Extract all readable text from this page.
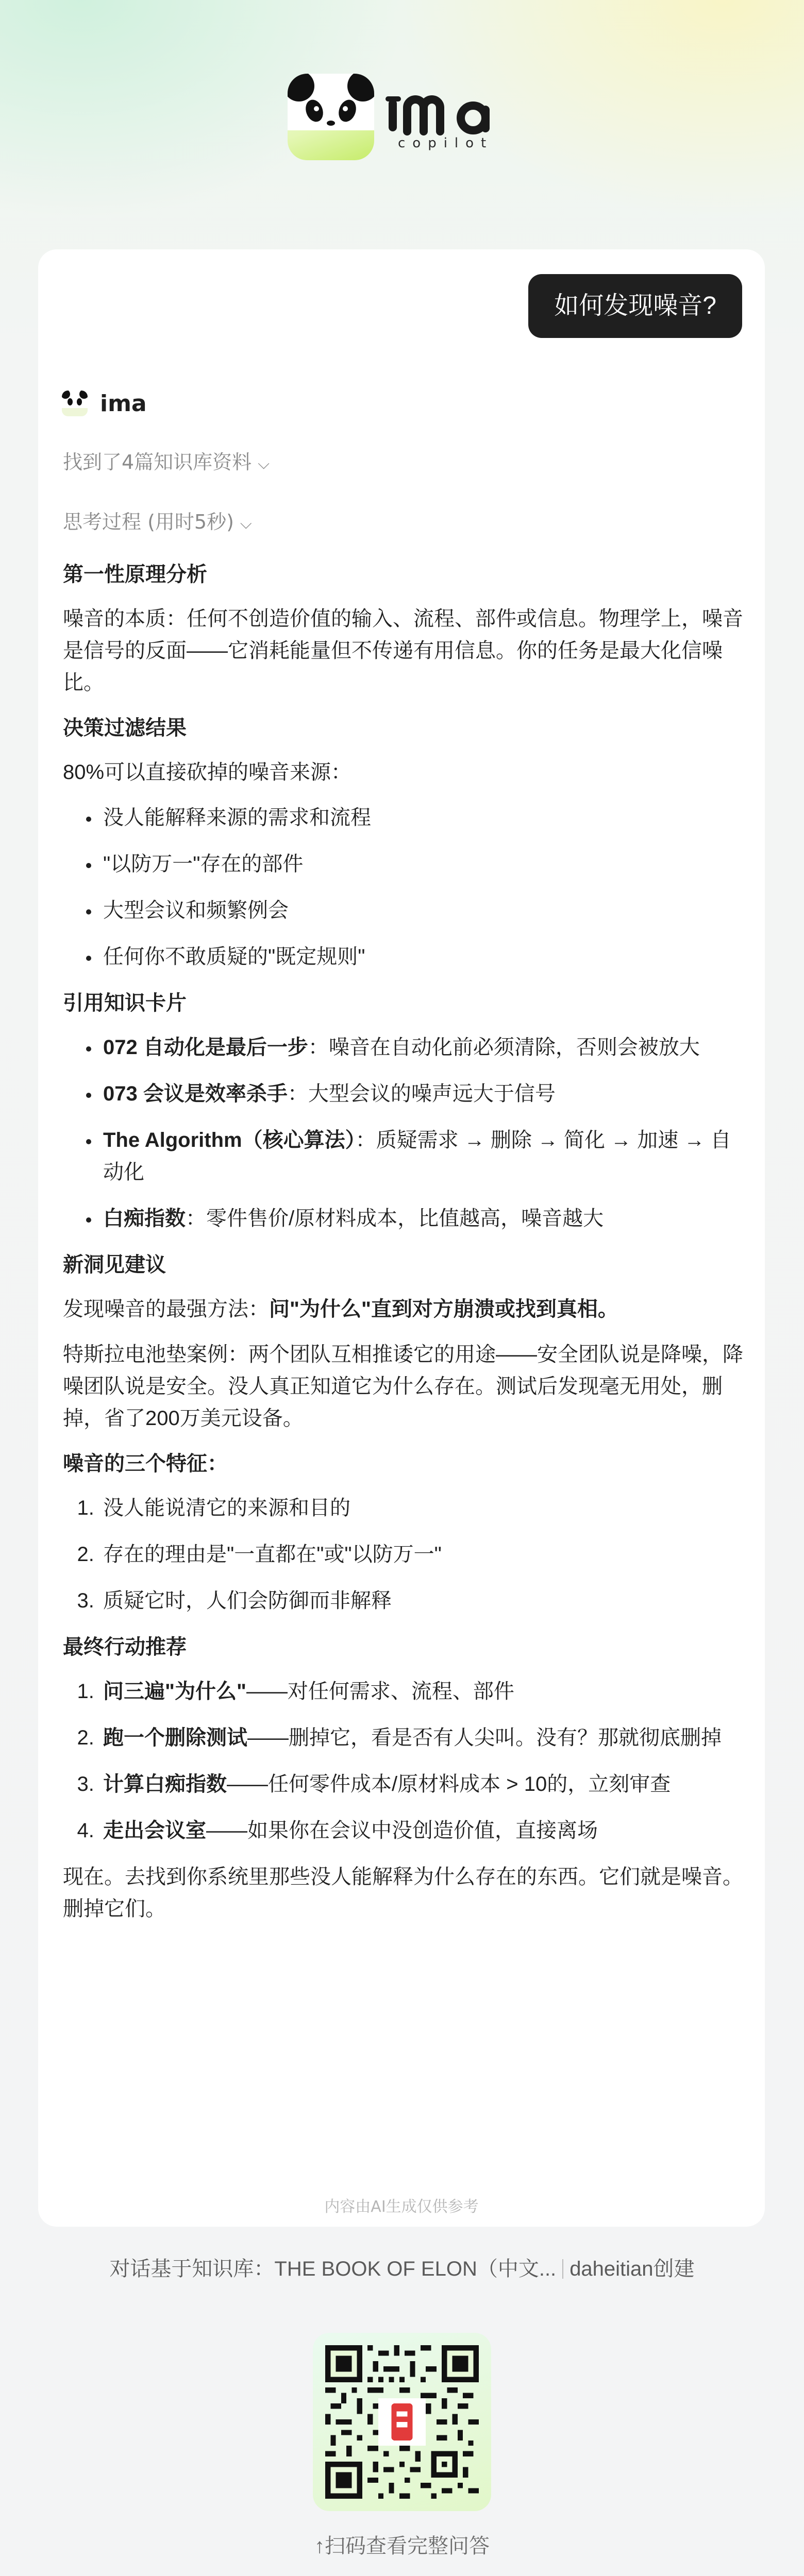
copilot
如何发现噪音?
ima
找到了4篇知识库资料 ⌵
思考过程 (用时5秒) ⌵
第一性原理分析

噪音的本质：任何不创造价值的输入、流程、部件或信息。物理学上，噪音是信号的反面——它消耗能量但不传递有用信息。你的任务是最大化信噪比。

决策过滤结果

80%可以直接砍掉的噪音来源：

• 没人能解释来源的需求和流程
• "以防万一"存在的部件
• 大型会议和频繁例会
• 任何你不敢质疑的"既定规则"
引用知识卡片
• 072 自动化是最后一步：噪音在自动化前必须清除，否则会被放大
• 073 会议是效率杀手：大型会议的噪声远大于信号
• The Algorithm（核心算法）：质疑需求 → 删除 → 简化 → 加速 → 自动化
• 白痴指数：零件售价/原材料成本，比值越高，噪音越大
新洞见建议

发现噪音的最强方法：问"为什么"直到对方崩溃或找到真相。

特斯拉电池垫案例：两个团队互相推诿它的用途——安全团队说是降噪，降噪团队说是安全。没人真正知道它为什么存在。测试后发现毫无用处，删掉，省了200万美元设备。

噪音的三个特征：
1. 没人能说清它的来源和目的
2. 存在的理由是"一直都在"或"以防万一"
3. 质疑它时，人们会防御而非解释
最终行动推荐
1. 问三遍"为什么"——对任何需求、流程、部件
2. 跑一个删除测试——删掉它，看是否有人尖叫。没有？那就彻底删掉
3. 计算白痴指数——任何零件成本/原材料成本 > 10的，立刻审查
4. 走出会议室——如果你在会议中没创造价值，直接离场

现在。去找到你系统里那些没人能解释为什么存在的东西。它们就是噪音。删掉它们。

内容由AI生成仅供参考
对话基于知识库：THE BOOK OF ELON（中文... daheitian创建
↑扫码查看完整问答
